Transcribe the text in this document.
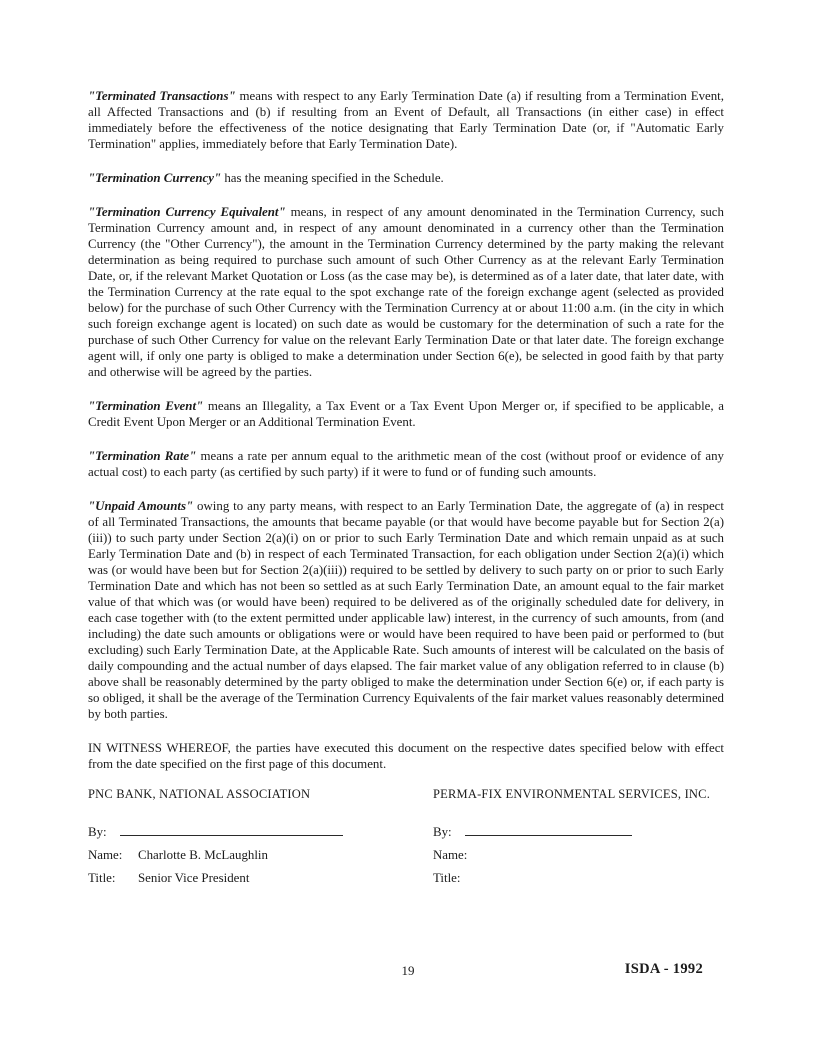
"Terminated Transactions" means with respect to any Early Termination Date (a) if resulting from a Termination Event, all Affected Transactions and (b) if resulting from an Event of Default, all Transactions (in either case) in effect immediately before the effectiveness of the notice designating that Early Termination Date (or, if "Automatic Early Termination" applies, immediately before that Early Termination Date).

"Termination Currency" has the meaning specified in the Schedule.

"Termination Currency Equivalent" means, in respect of any amount denominated in the Termination Currency, such Termination Currency amount and, in respect of any amount denominated in a currency other than the Termination Currency (the "Other Currency"), the amount in the Termination Currency determined by the party making the relevant determination as being required to purchase such amount of such Other Currency as at the relevant Early Termination Date, or, if the relevant Market Quotation or Loss (as the case may be), is determined as of a later date, that later date, with the Termination Currency at the rate equal to the spot exchange rate of the foreign exchange agent (selected as provided below) for the purchase of such Other Currency with the Termination Currency at or about 11:00 a.m. (in the city in which such foreign exchange agent is located) on such date as would be customary for the determination of such a rate for the purchase of such Other Currency for value on the relevant Early Termination Date or that later date. The foreign exchange agent will, if only one party is obliged to make a determination under Section 6(e), be selected in good faith by that party and otherwise will be agreed by the parties.

"Termination Event" means an Illegality, a Tax Event or a Tax Event Upon Merger or, if specified to be applicable, a Credit Event Upon Merger or an Additional Termination Event.

"Termination Rate" means a rate per annum equal to the arithmetic mean of the cost (without proof or evidence of any actual cost) to each party (as certified by such party) if it were to fund or of funding such amounts.

"Unpaid Amounts" owing to any party means, with respect to an Early Termination Date, the aggregate of (a) in respect of all Terminated Transactions, the amounts that became payable (or that would have become payable but for Section 2(a)(iii)) to such party under Section 2(a)(i) on or prior to such Early Termination Date and which remain unpaid as at such Early Termination Date and (b) in respect of each Terminated Transaction, for each obligation under Section 2(a)(i) which was (or would have been but for Section 2(a)(iii)) required to be settled by delivery to such party on or prior to such Early Termination Date and which has not been so settled as at such Early Termination Date, an amount equal to the fair market value of that which was (or would have been) required to be delivered as of the originally scheduled date for delivery, in each case together with (to the extent permitted under applicable law) interest, in the currency of such amounts, from (and including) the date such amounts or obligations were or would have been required to have been paid or performed to (but excluding) such Early Termination Date, at the Applicable Rate. Such amounts of interest will be calculated on the basis of daily compounding and the actual number of days elapsed. The fair market value of any obligation referred to in clause (b) above shall be reasonably determined by the party obliged to make the determination under Section 6(e) or, if each party is so obliged, it shall be the average of the Termination Currency Equivalents of the fair market values reasonably determined by both parties.

IN WITNESS WHEREOF, the parties have executed this document on the respective dates specified below with effect from the date specified on the first page of this document.

PNC BANK, NATIONAL ASSOCIATION
By:
Name:	Charlotte B. McLaughlin
Title:	Senior Vice President
PERMA-FIX ENVIRONMENTAL SERVICES, INC.
By:
Name:
Title:
19	ISDA - 1992
